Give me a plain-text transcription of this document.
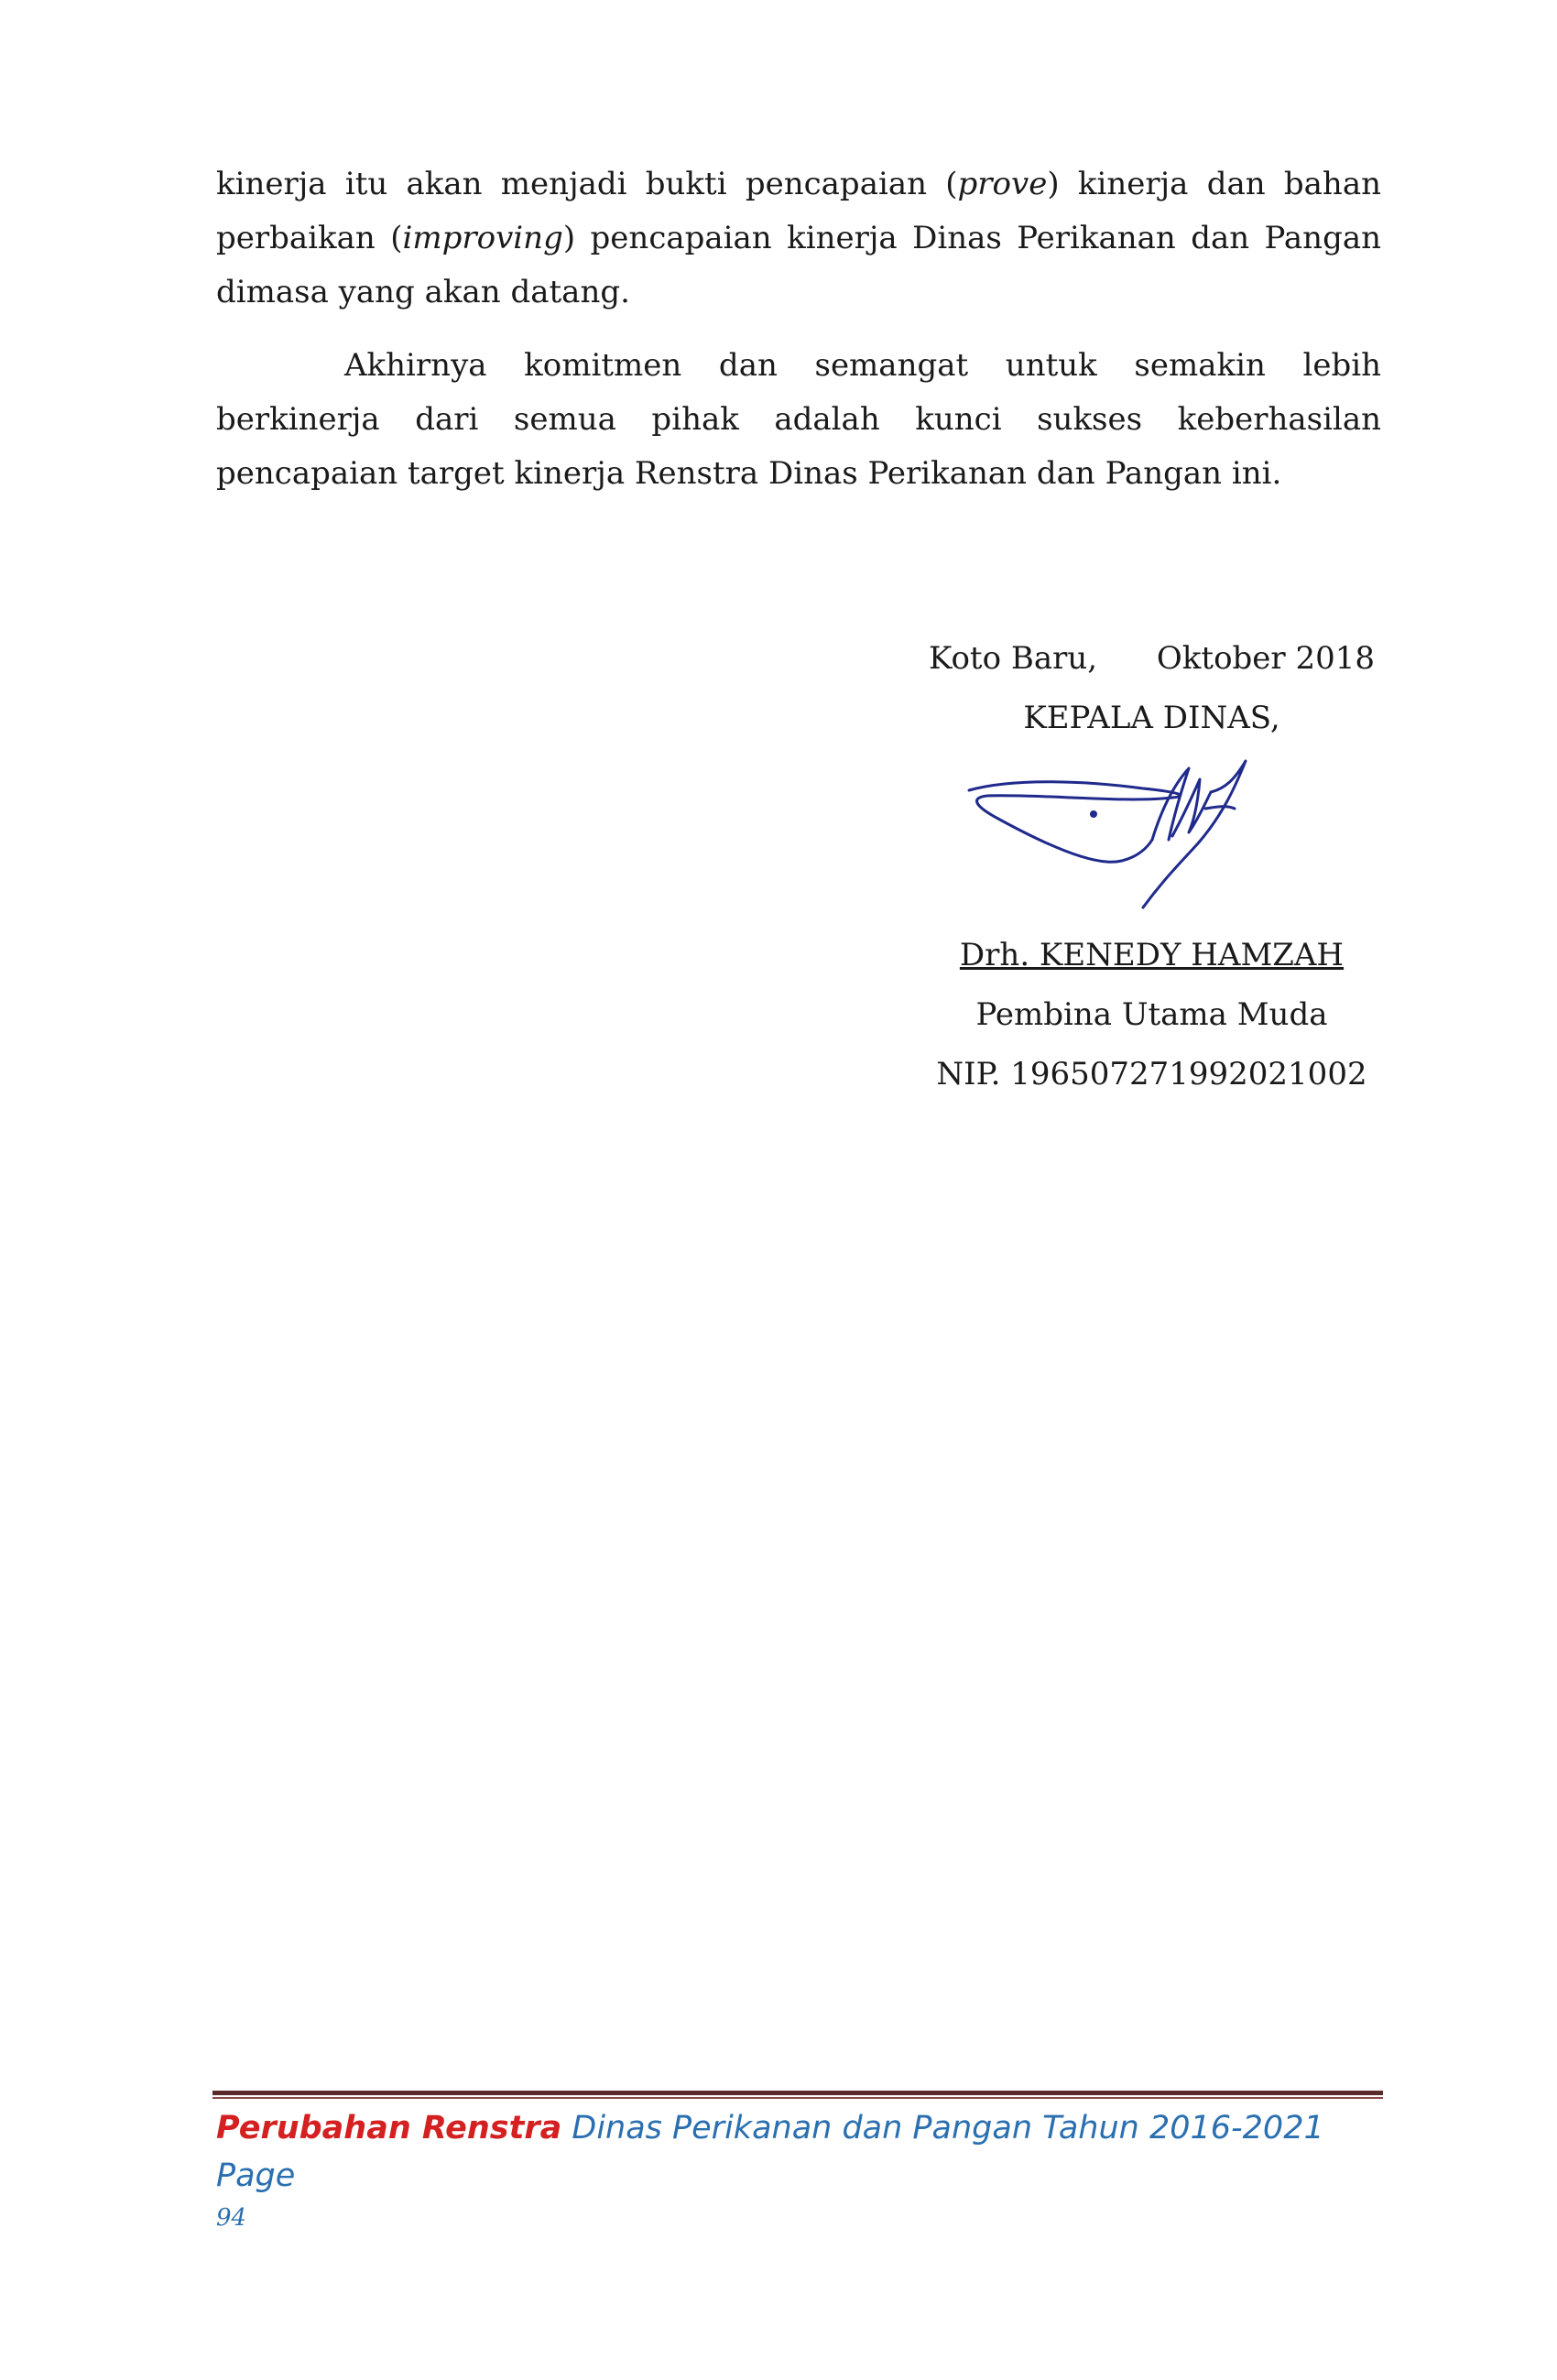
kinerja itu akan menjadi bukti pencapaian (prove) kinerja dan bahan perbaikan (improving) pencapaian kinerja Dinas Perikanan dan Pangan dimasa yang akan datang.

Akhirnya komitmen dan semangat untuk semakin lebih berkinerja dari semua pihak adalah kunci sukses keberhasilan pencapaian target kinerja Renstra Dinas Perikanan dan Pangan ini.

Koto Baru,      Oktober 2018
KEPALA DINAS,
Drh. KENEDY HAMZAH
Pembina Utama Muda
NIP. 196507271992021002
Perubahan Renstra Dinas Perikanan dan Pangan Tahun 2016-2021 Page
94
